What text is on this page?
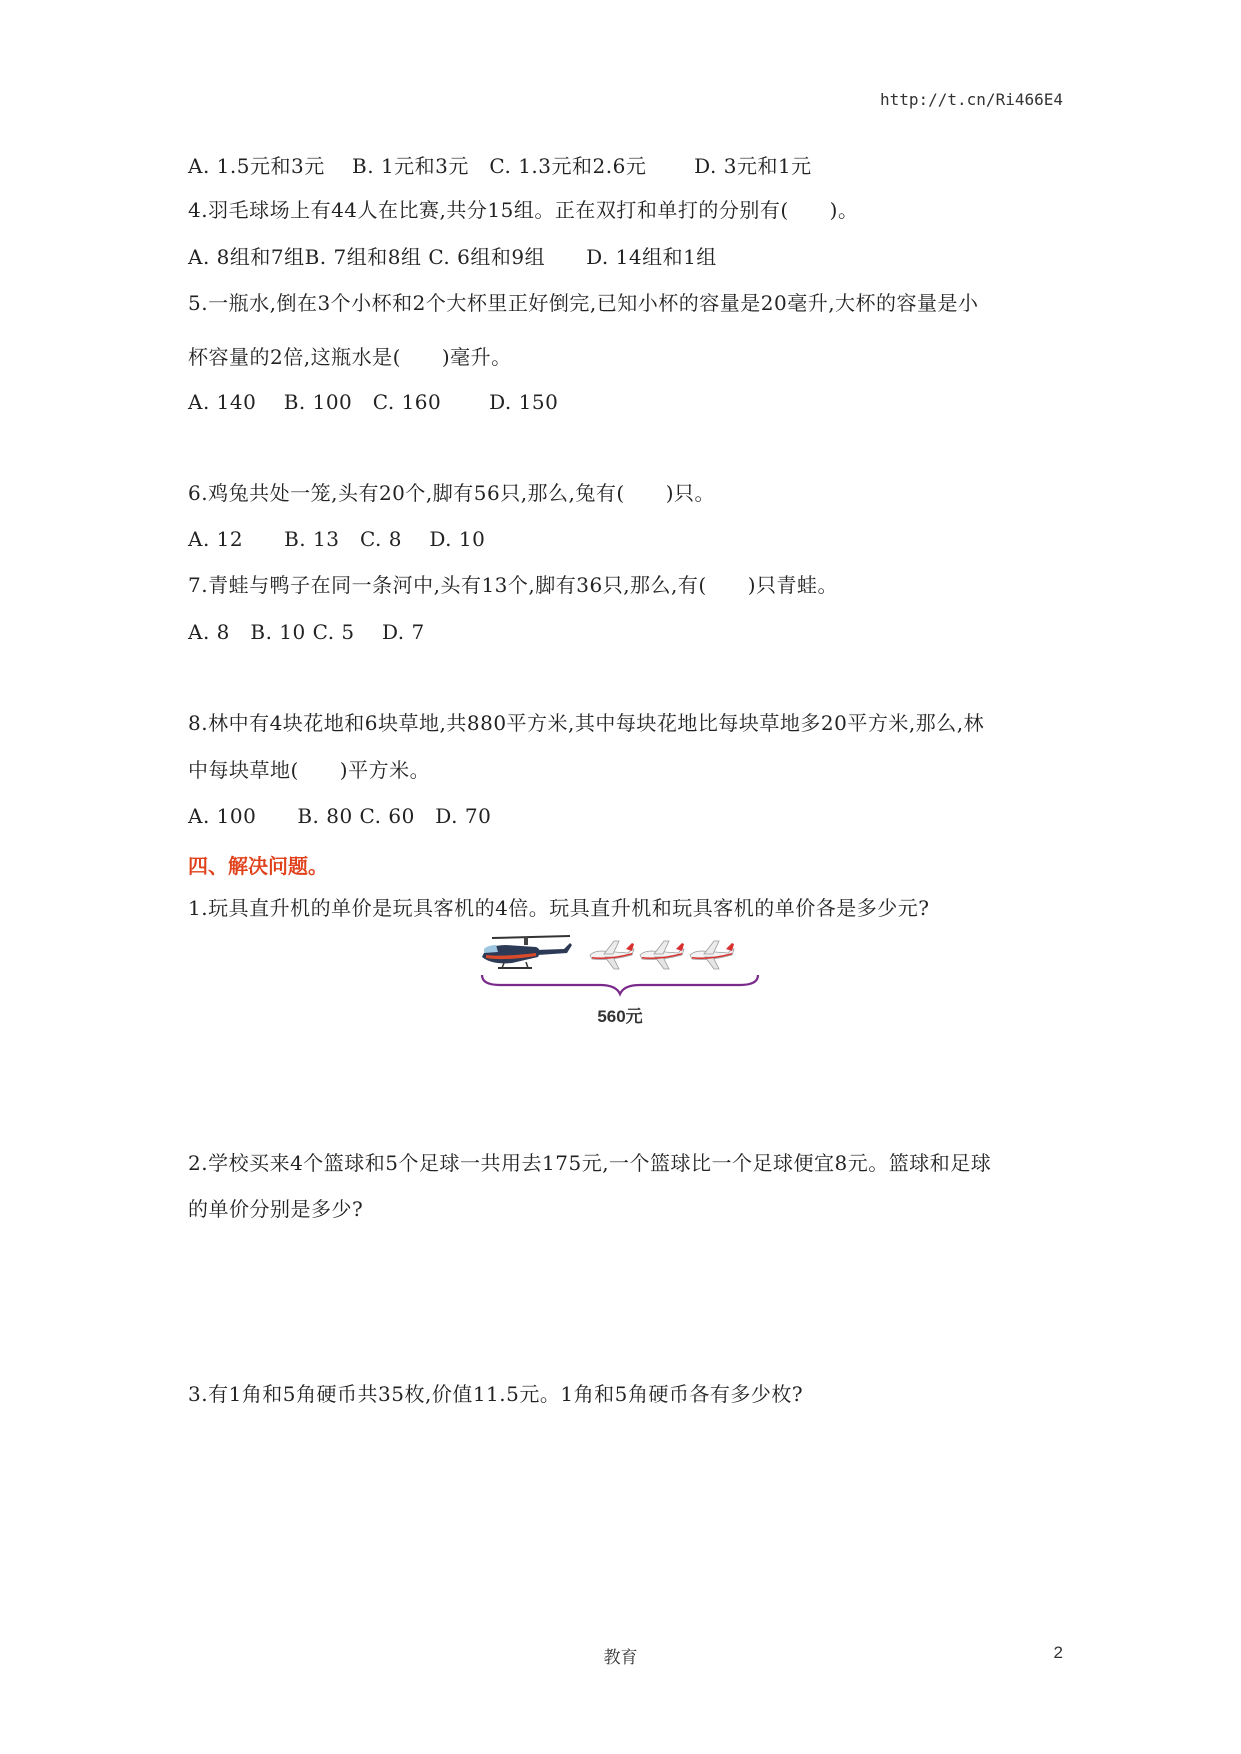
http://t.cn/Ri466E4
A. 1.5元和3元　 B. 1元和3元　C. 1.3元和2.6元　　 D. 3元和1元
4.羽毛球场上有44人在比赛,共分15组。正在双打和单打的分别有(　　)。
A. 8组和7组B. 7组和8组 C. 6组和9组　　D. 14组和1组
5.一瓶水,倒在3个小杯和2个大杯里正好倒完,已知小杯的容量是20毫升,大杯的容量是小
杯容量的2倍,这瓶水是(　　)毫升。
A. 140　 B. 100　C. 160　　 D. 150
6.鸡兔共处一笼,头有20个,脚有56只,那么,兔有(　　)只。
A. 12　　B. 13　C. 8　 D. 10
7.青蛙与鸭子在同一条河中,头有13个,脚有36只,那么,有(　　)只青蛙。
A. 8　B. 10 C. 5　 D. 7
8.林中有4块花地和6块草地,共880平方米,其中每块花地比每块草地多20平方米,那么,林
中每块草地(　　)平方米。
A. 100　　B. 80 C. 60　D. 70
四、解决问题。
1.玩具直升机的单价是玩具客机的4倍。玩具直升机和玩具客机的单价各是多少元?
560元
2.学校买来4个篮球和5个足球一共用去175元,一个篮球比一个足球便宜8元。篮球和足球
的单价分别是多少?
3.有1角和5角硬币共35枚,价值11.5元。1角和5角硬币各有多少枚?
教育	2
